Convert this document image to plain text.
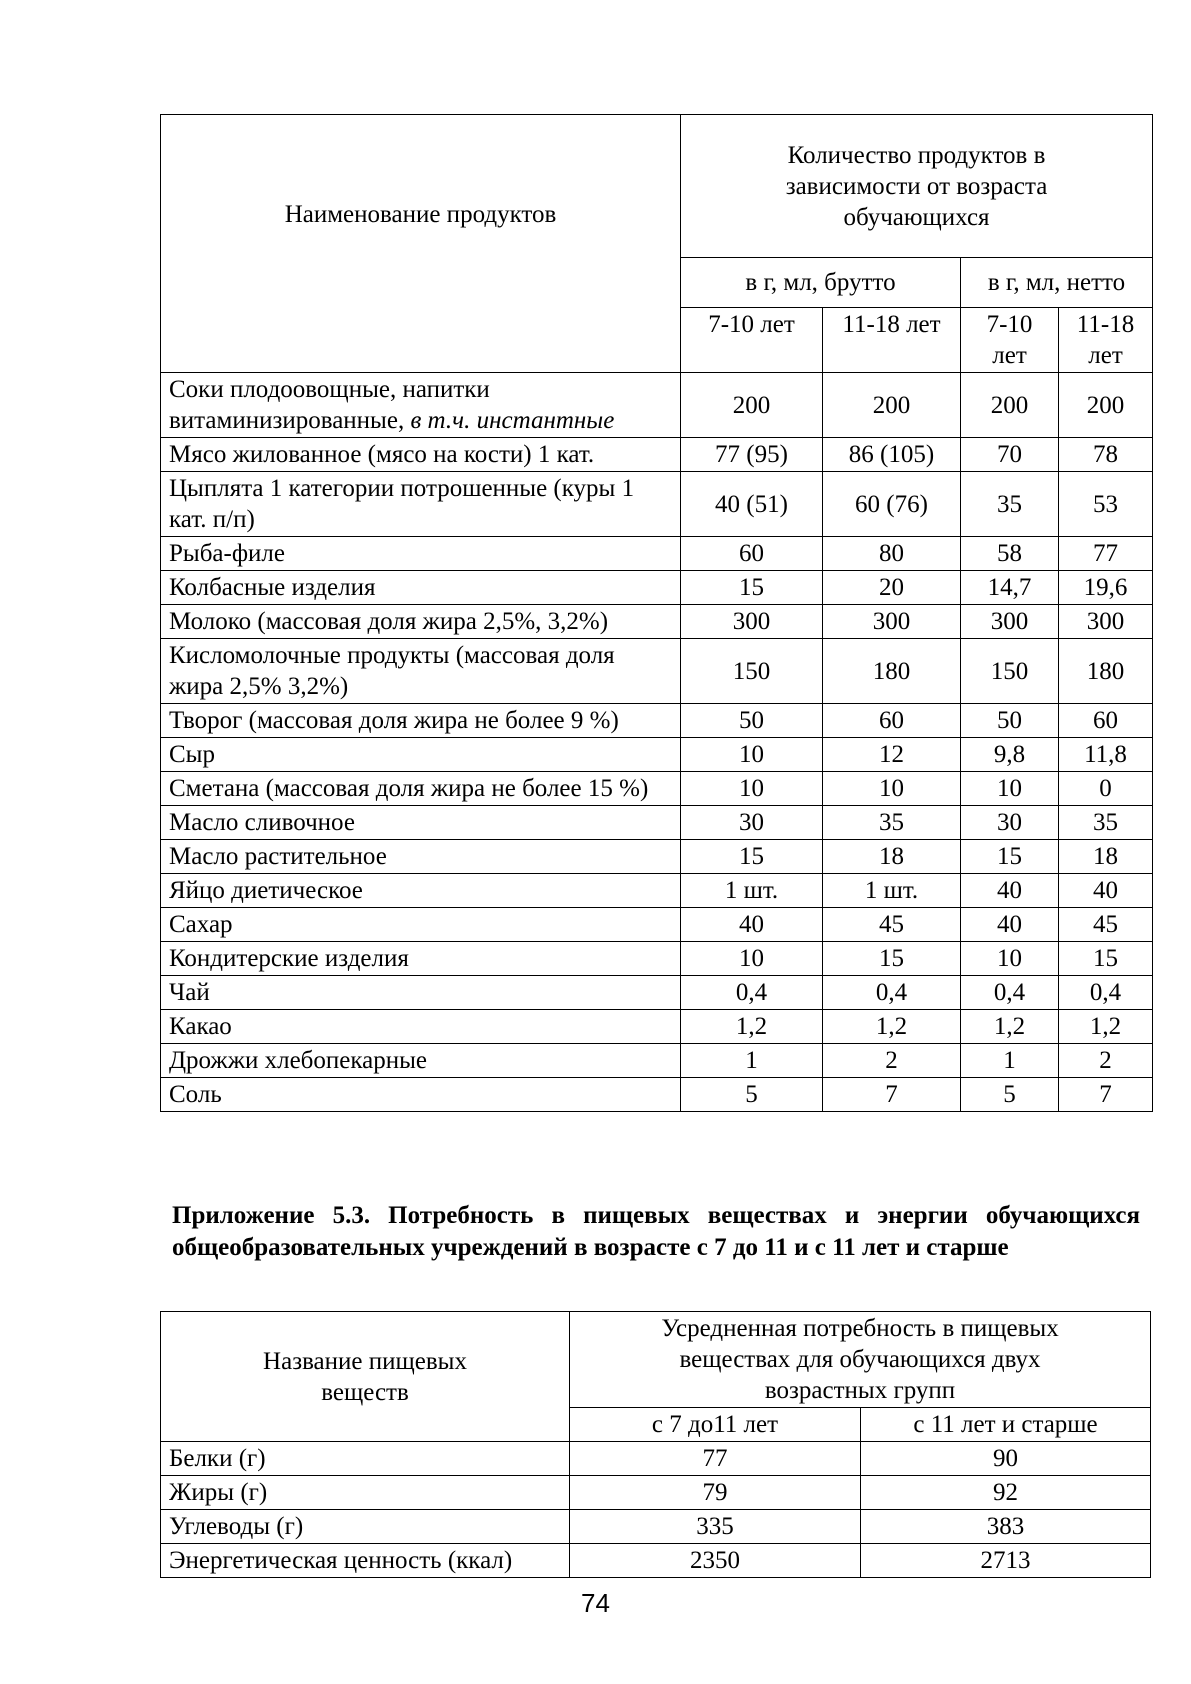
Наименование продуктов	Количество продуктов в зависимости от возраста обучающихся			
	в г, мл, брутто		в г, мл, нетто	
	7-10 лет	11-18 лет	7-10 лет	11-18 лет
Соки плодоовощные, напитки витаминизированные, в т.ч. инстантные	200	200	200	200
Мясо жилованное (мясо на кости) 1 кат.	77 (95)	86 (105)	70	78
Цыплята 1 категории потрошенные (куры 1 кат. п/п)	40 (51)	60 (76)	35	53
Рыба-филе	60	80	58	77
Колбасные изделия	15	20	14,7	19,6
Молоко (массовая доля жира 2,5%, 3,2%)	300	300	300	300
Кисломолочные продукты (массовая доля жира 2,5% 3,2%)	150	180	150	180
Творог (массовая доля жира не более 9 %)	50	60	50	60
Сыр	10	12	9,8	11,8
Сметана (массовая доля жира не более 15 %)	10	10	10	0
Масло сливочное	30	35	30	35
Масло растительное	15	18	15	18
Яйцо диетическое	1 шт.	1 шт.	40	40
Сахар	40	45	40	45
Кондитерские изделия	10	15	10	15
Чай	0,4	0,4	0,4	0,4
Какао	1,2	1,2	1,2	1,2
Дрожжи хлебопекарные	1	2	1	2
Соль	5	7	5	7
Приложение 5.3. Потребность в пищевых веществах и энергии обучающихся общеобразовательных учреждений в возрасте с 7 до 11 и с 11 лет и старше
Название пищевых веществ	Усредненная потребность в пищевых веществах для обучающихся двух возрастных групп	
	с 7 до11 лет	с 11 лет и старше
Белки (г)	77	90
Жиры (г)	79	92
Углеводы (г)	335	383
Энергетическая ценность (ккал)	2350	2713
74
